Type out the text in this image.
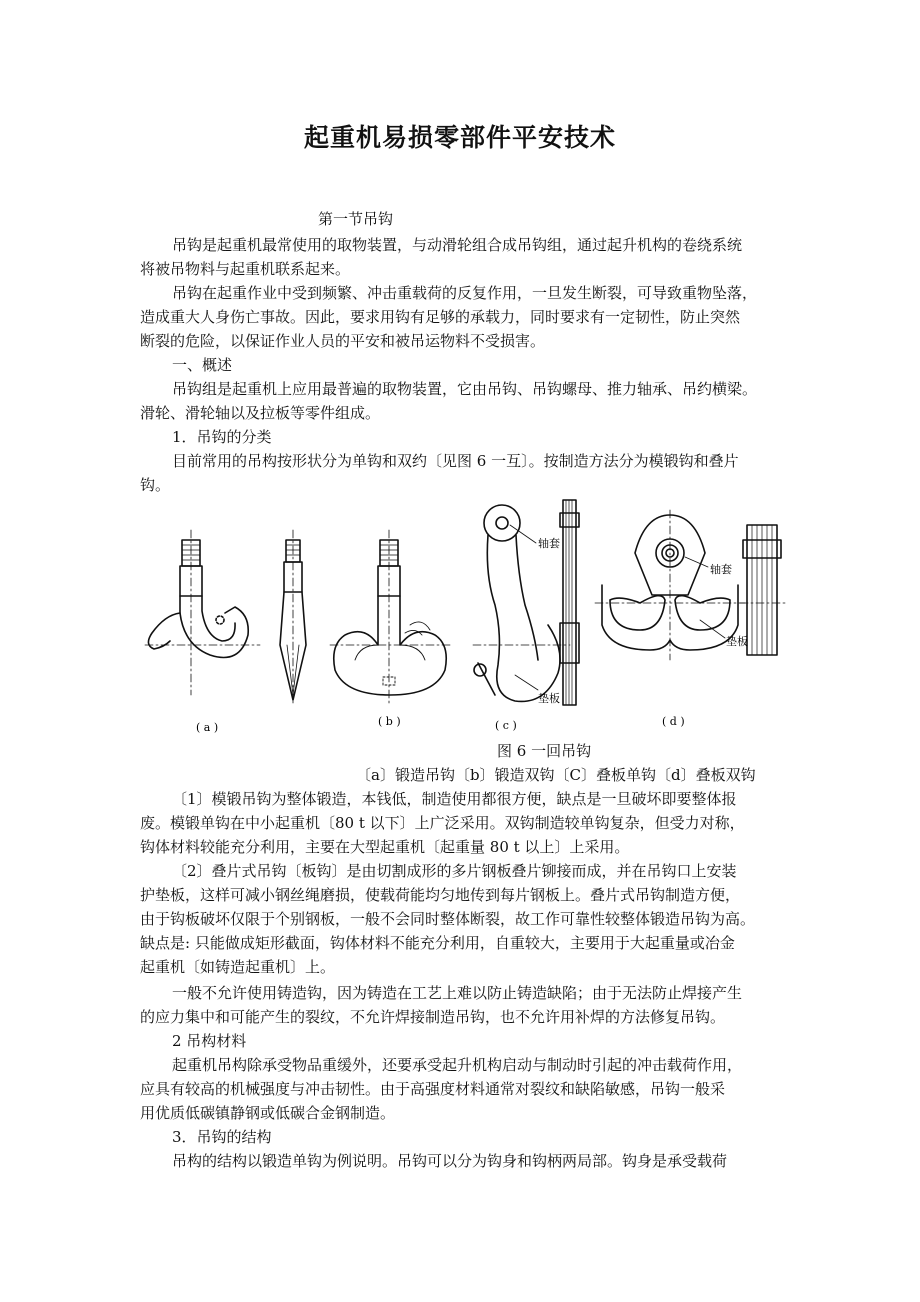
起重机易损零部件平安技术
第一节吊钩
吊钩是起重机最常使用的取物装置，与动滑轮组合成吊钩组，通过起升机构的卷绕系统
将被吊物料与起重机联系起来。
吊钩在起重作业中受到频繁、冲击重载荷的反复作用，一旦发生断裂，可导致重物坠落，
造成重大人身伤亡事故。因此，要求用钩有足够的承载力，同时要求有一定韧性，防止突然
断裂的危险，以保证作业人员的平安和被吊运物料不受损害。
一、概述
吊钩组是起重机上应用最普遍的取物装置，它由吊钩、吊钩螺母、推力轴承、吊约横梁。
滑轮、滑轮轴以及拉板等零件组成。
1．吊钩的分类
目前常用的吊构按形状分为单钩和双约〔见图 6 一互〕。按制造方法分为模锻钩和叠片
钩。
轴套
垫板
轴套
垫板
( a )	( b )	( c )	( d )
图 6 一回吊钩
〔a〕锻造吊钩〔b〕锻造双钩〔C〕叠板单钩〔d〕叠板双钩
〔1〕模锻吊钩为整体锻造，本钱低，制造使用都很方便，缺点是一旦破坏即要整体报
废。模锻单钩在中小起重机〔80 t 以下〕上广泛采用。双钩制造较单钩复杂，但受力对称，
钩体材料较能充分利用，主要在大型起重机〔起重量 80 t 以上〕上采用。
〔2〕叠片式吊钩〔板钩〕是由切割成形的多片钢板叠片铆接而成，并在吊钩口上安装
护垫板，这样可减小钢丝绳磨损，使载荷能均匀地传到每片钢板上。叠片式吊钩制造方便，
由于钩板破坏仅限于个别钢板，一般不会同时整体断裂，故工作可靠性较整体锻造吊钩为高。
缺点是: 只能做成矩形截面，钩体材料不能充分利用，自重较大，主要用于大起重量或冶金
起重机〔如铸造起重机〕上。
一般不允许使用铸造钩，因为铸造在工艺上难以防止铸造缺陷；由于无法防止焊接产生
的应力集中和可能产生的裂纹，不允许焊接制造吊钩，也不允许用补焊的方法修复吊钩。
2 吊构材料
起重机吊构除承受物品重缓外，还要承受起升机构启动与制动时引起的冲击载荷作用，
应具有较高的机械强度与冲击韧性。由于高强度材料通常对裂纹和缺陷敏感，吊钩一般采
用优质低碳镇静钢或低碳合金钢制造。
3．吊钩的结构
吊构的结构以锻造单钩为例说明。吊钩可以分为钩身和钩柄两局部。钩身是承受载荷
